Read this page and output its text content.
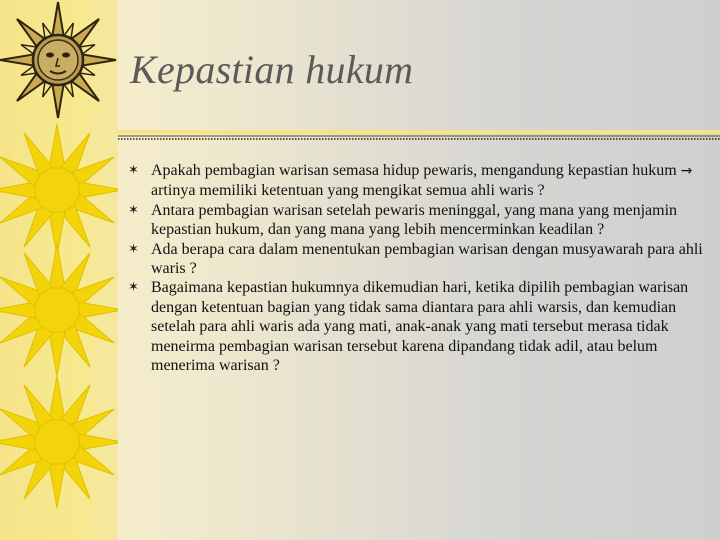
Kepastian hukum
✶ Apakah pembagian warisan semasa hidup pewaris, mengandung kepastian hukum → artinya memiliki ketentuan yang mengikat semua ahli waris ?
✶ Antara pembagian warisan setelah pewaris meninggal, yang mana yang menjamin kepastian hukum, dan yang mana yang lebih mencerminkan keadilan ?
✶ Ada berapa cara dalam menentukan pembagian warisan dengan musyawarah para ahli waris ?
✶ Bagaimana kepastian hukumnya dikemudian hari, ketika dipilih pembagian warisan dengan ketentuan bagian yang tidak sama diantara para ahli warsis, dan kemudian setelah para ahli waris ada yang mati, anak-anak yang mati tersebut merasa tidak meneirma pembagian warisan tersebut karena dipandang tidak adil, atau belum menerima warisan ?
